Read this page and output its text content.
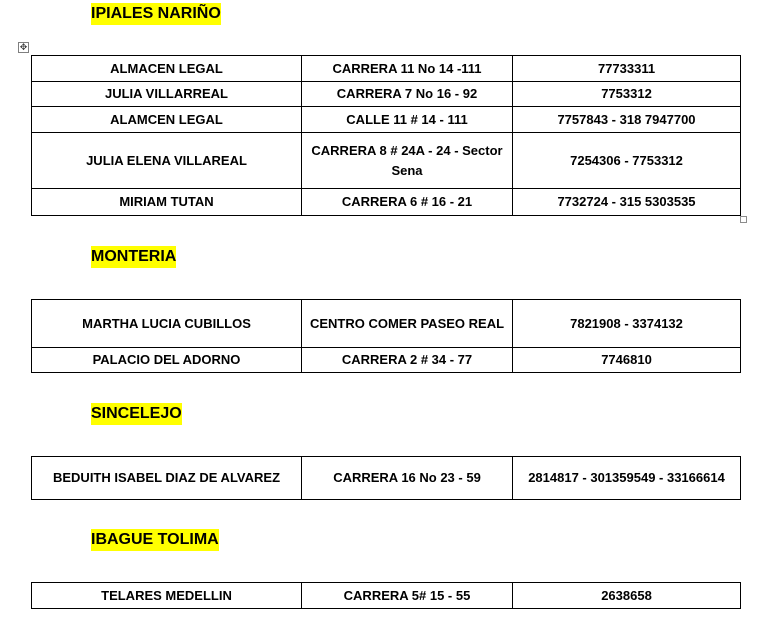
IPIALES NARIÑO
✥
ALMACEN LEGAL	CARRERA 11 No 14 -111	77733311
JULIA VILLARREAL	CARRERA 7 No 16 - 92	7753312
ALAMCEN LEGAL	CALLE 11 # 14 - 111	7757843 - 318 7947700
JULIA ELENA VILLAREAL	CARRERA 8 # 24A - 24 - Sector Sena	7254306 - 7753312
MIRIAM TUTAN	CARRERA 6 # 16 - 21	7732724 - 315 5303535
MONTERIA
MARTHA LUCIA CUBILLOS	CENTRO COMER PASEO REAL	7821908 - 3374132
PALACIO DEL ADORNO	CARRERA 2 # 34 - 77	7746810
SINCELEJO
BEDUITH ISABEL DIAZ DE ALVAREZ	CARRERA 16 No 23 - 59	2814817 - 301359549 - 33166614
IBAGUE TOLIMA
TELARES MEDELLIN	CARRERA 5# 15 - 55	2638658
